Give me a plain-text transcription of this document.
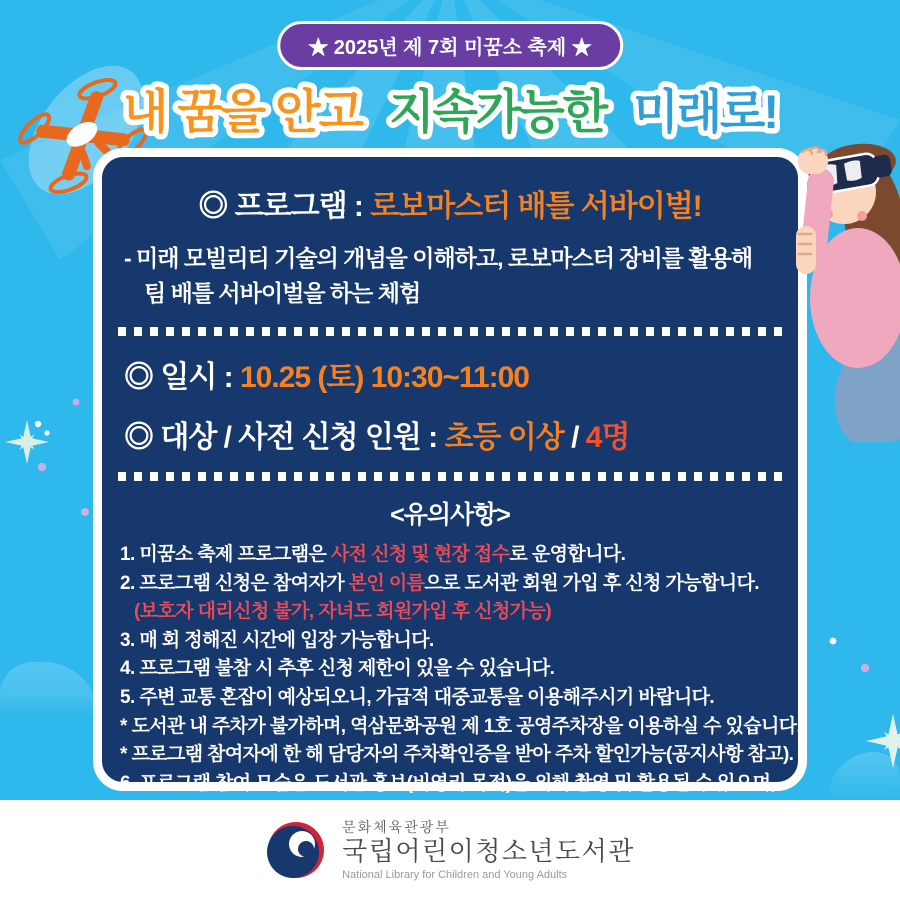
★ 2025년 제 7회 미꿈소 축제 ★
내 꿈을 안고 지속가능한 미래로!
◎ 프로그램 : 로보마스터 배틀 서바이벌!
- 미래 모빌리티 기술의 개념을 이해하고, 로보마스터 장비를 활용해
팀 배틀 서바이벌을 하는 체험
◎ 일시 : 10.25 (토) 10:30~11:00
◎ 대상 / 사전 신청 인원 : 초등 이상 / 4명
<유의사항>
1. 미꿈소 축제 프로그램은 사전 신청 및 현장 접수로 운영합니다.
2. 프로그램 신청은 참여자가 본인 이름으로 도서관 회원 가입 후 신청 가능합니다.
(보호자 대리신청 불가, 자녀도 회원가입 후 신청가능)
3. 매 회 정해진 시간에 입장 가능합니다.
4. 프로그램 불참 시 추후 신청 제한이 있을 수 있습니다.
5. 주변 교통 혼잡이 예상되오니, 가급적 대중교통을 이용해주시기 바랍니다.
* 도서관 내 주차가 불가하며, 역삼문화공원 제 1호 공영주차장을 이용하실 수 있습니다.
* 프로그램 참여자에 한 해 담당자의 주차확인증을 받아 주차 할인가능(공지사항 참고).
6. 프로그램 참여 모습은 도서관 홍보(비영리 목적)을 위해 촬영 및 활용될 수 있으며,
문화체육관광부
국립어린이청소년도서관
National Library for Children and Young Adults
